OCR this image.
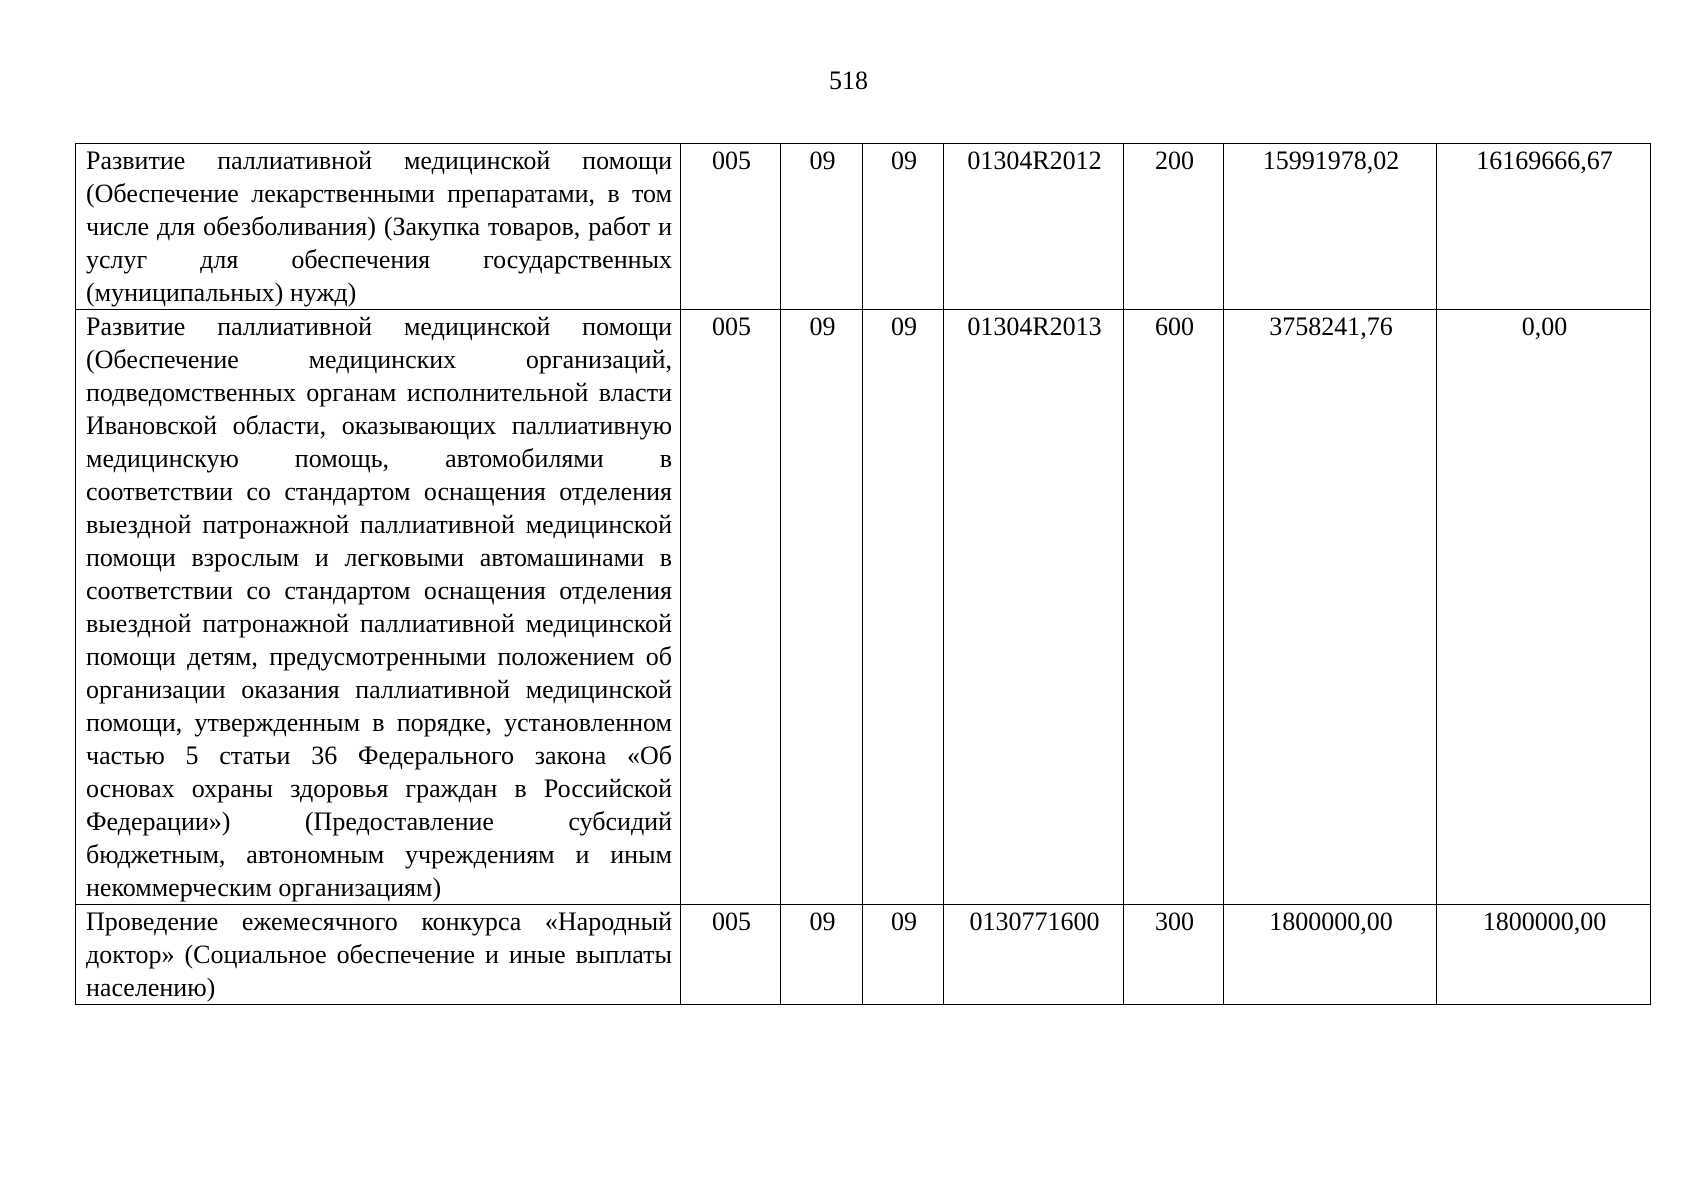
518
Развитие паллиативной медицинской помощи (Обеспечение лекарственными препаратами, в том числе для обезболивания) (Закупка товаров, работ и услуг для обеспечения государственных (муниципальных) нужд)	005	09	09	01304R2012	200	15991978,02	16169666,67
Развитие паллиативной медицинской помощи (Обеспечение медицинских организаций, подведомственных органам исполнительной власти Ивановской области, оказывающих паллиативную медицинскую помощь, автомобилями в соответствии со стандартом оснащения отделения выездной патронажной паллиативной медицинской помощи взрослым и легковыми автомашинами в соответствии со стандартом оснащения отделения выездной патронажной паллиативной медицинской помощи детям, предусмотренными положением об организации оказания паллиативной медицинской помощи, утвержденным в порядке, установленном частью 5 статьи 36 Федерального закона «Об основах охраны здоровья граждан в Российской Федерации») (Предоставление субсидий бюджетным, автономным учреждениям и иным некоммерческим организациям)	005	09	09	01304R2013	600	3758241,76	0,00
Проведение ежемесячного конкурса «Народный доктор» (Социальное обеспечение и иные выплаты населению)	005	09	09	0130771600	300	1800000,00	1800000,00
